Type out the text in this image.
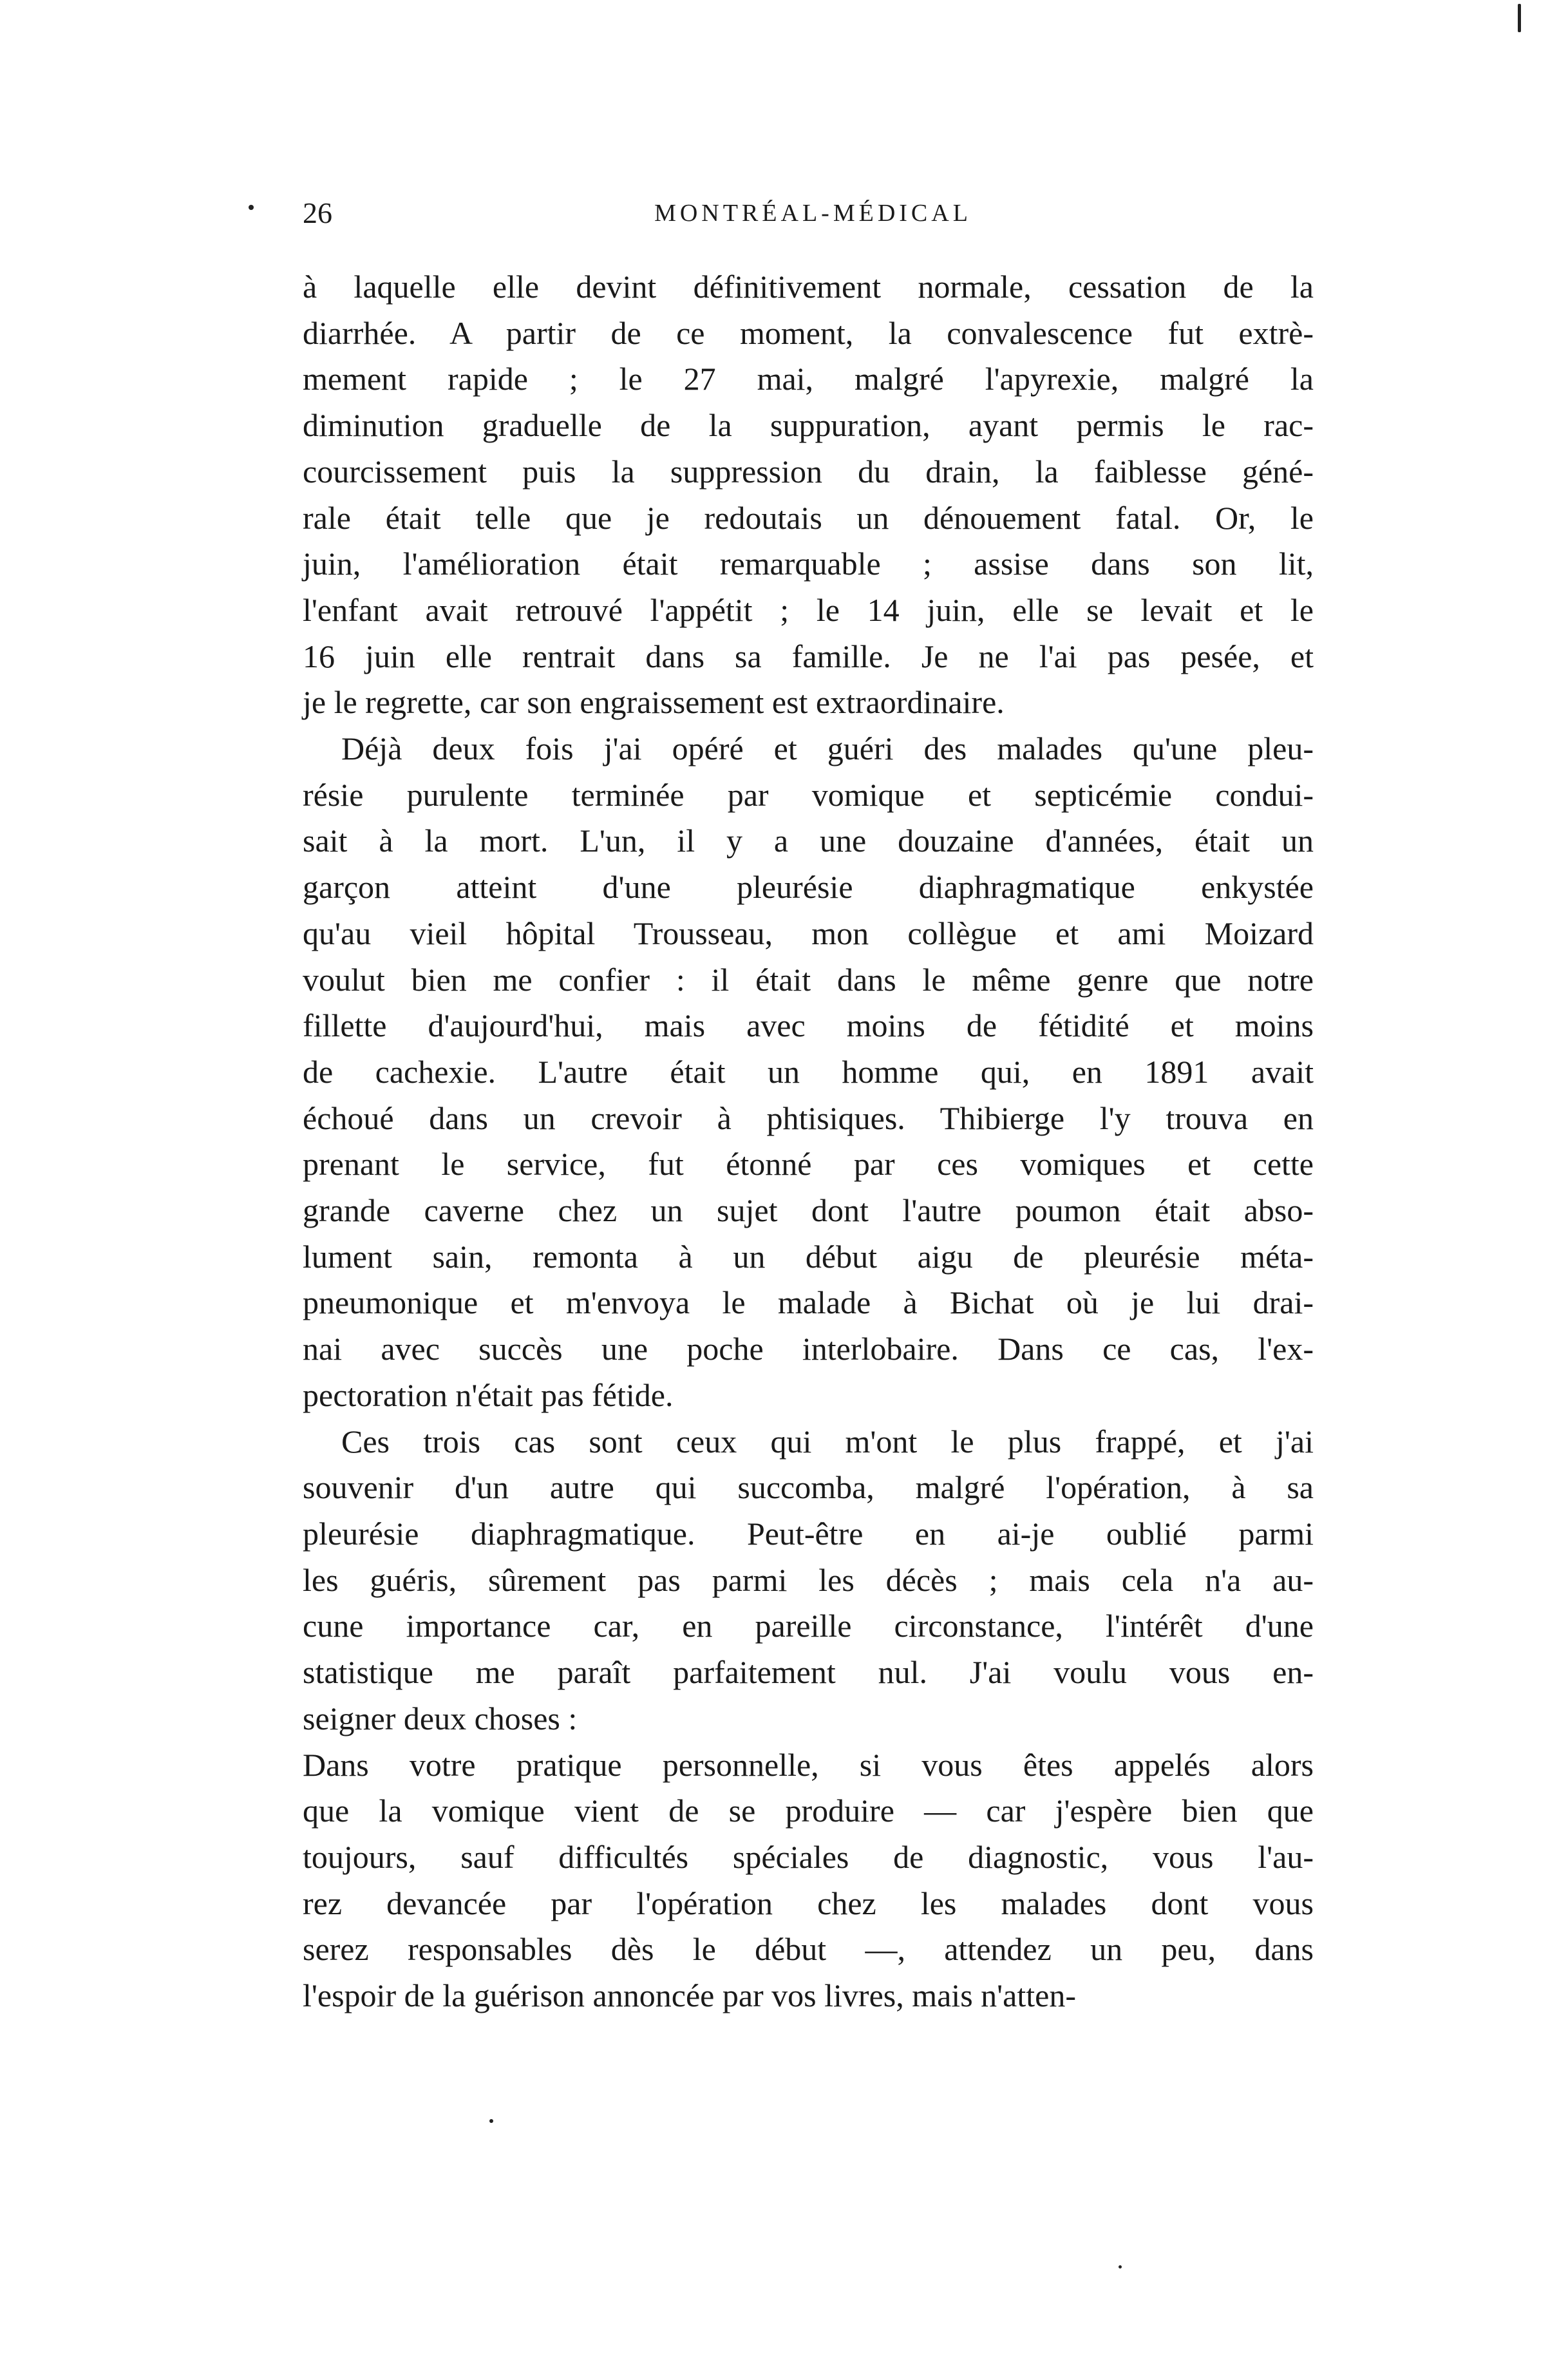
26	MONTRÉAL-MÉDICAL
à laquelle elle devint définitivement normale, cessation de la
diarrhée. A partir de ce moment, la convalescence fut extrè-
mement rapide ; le 27 mai, malgré l'apyrexie, malgré la
diminution graduelle de la suppuration, ayant permis le rac-
courcissement puis la suppression du drain, la faiblesse géné-
rale était telle que je redoutais un dénouement fatal. Or, le
juin, l'amélioration était remarquable ; assise dans son lit,
l'enfant avait retrouvé l'appétit ; le 14 juin, elle se levait et le
16 juin elle rentrait dans sa famille. Je ne l'ai pas pesée, et
je le regrette, car son engraissement est extraordinaire.
Déjà deux fois j'ai opéré et guéri des malades qu'une pleu-
résie purulente terminée par vomique et septicémie condui-
sait à la mort. L'un, il y a une douzaine d'années, était un
garçon atteint d'une pleurésie diaphragmatique enkystée
qu'au vieil hôpital Trousseau, mon collègue et ami Moizard
voulut bien me confier : il était dans le même genre que notre
fillette d'aujourd'hui, mais avec moins de fétidité et moins
de cachexie. L'autre était un homme qui, en 1891 avait
échoué dans un crevoir à phtisiques. Thibierge l'y trouva en
prenant le service, fut étonné par ces vomiques et cette
grande caverne chez un sujet dont l'autre poumon était abso-
lument sain, remonta à un début aigu de pleurésie méta-
pneumonique et m'envoya le malade à Bichat où je lui drai-
nai avec succès une poche interlobaire. Dans ce cas, l'ex-
pectoration n'était pas fétide.
Ces trois cas sont ceux qui m'ont le plus frappé, et j'ai
souvenir d'un autre qui succomba, malgré l'opération, à sa
pleurésie diaphragmatique. Peut-être en ai-je oublié parmi
les guéris, sûrement pas parmi les décès ; mais cela n'a au-
cune importance car, en pareille circonstance, l'intérêt d'une
statistique me paraît parfaitement nul. J'ai voulu vous en-
seigner deux choses :
Dans votre pratique personnelle, si vous êtes appelés alors
que la vomique vient de se produire — car j'espère bien que
toujours, sauf difficultés spéciales de diagnostic, vous l'au-
rez devancée par l'opération chez les malades dont vous
serez responsables dès le début —, attendez un peu, dans
l'espoir de la guérison annoncée par vos livres, mais n'atten-
